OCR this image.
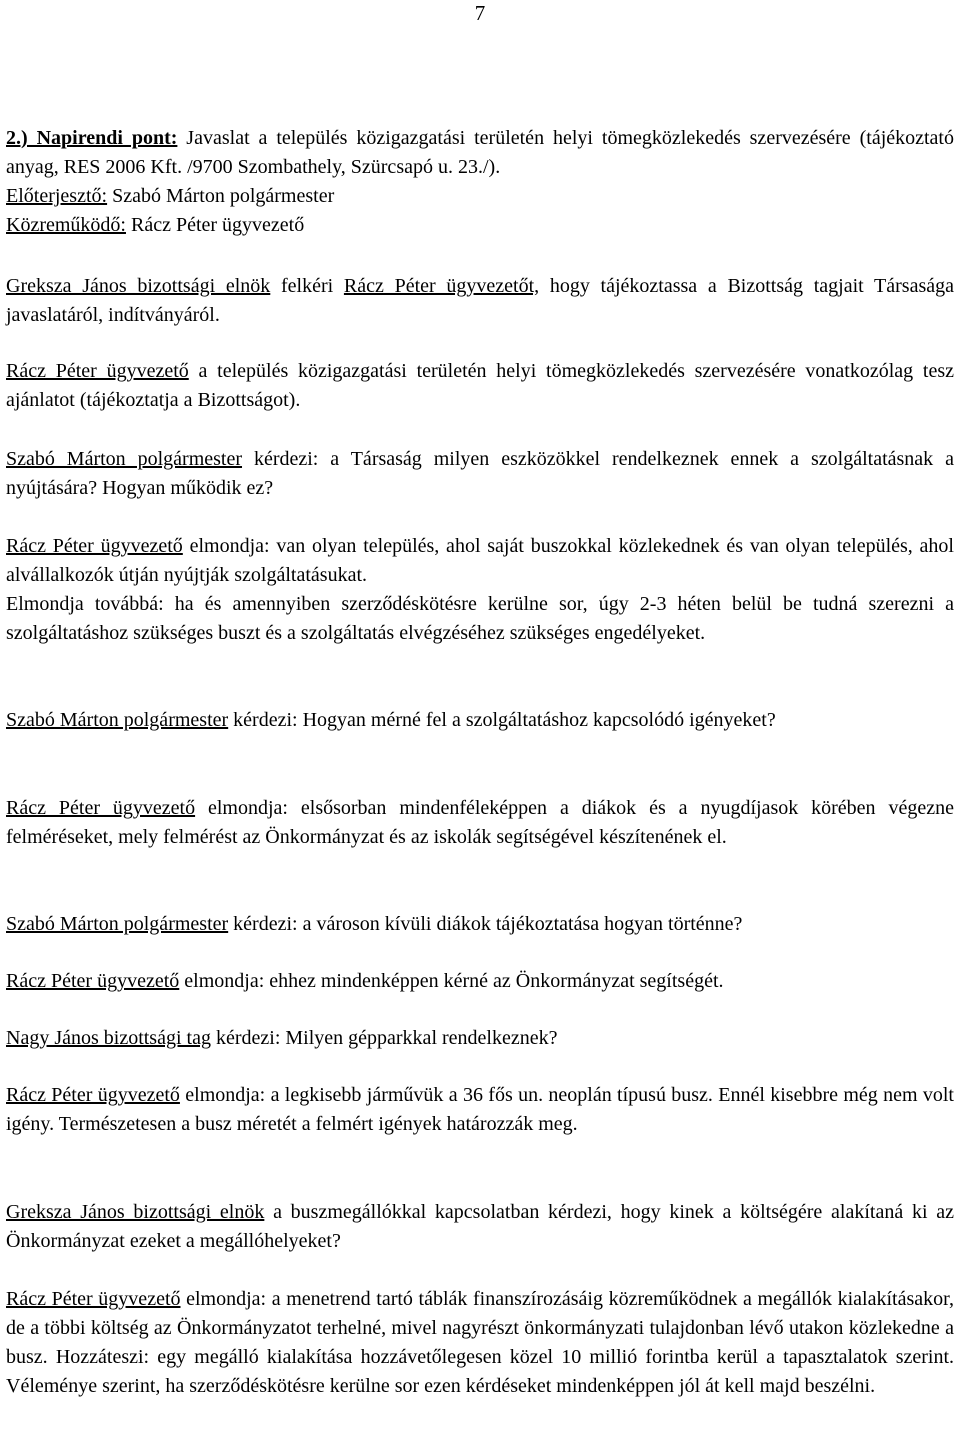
7
2.) Napirendi pont: Javaslat a település közigazgatási területén helyi tömegközlekedés szervezésére (tájékoztató anyag, RES 2006 Kft. /9700 Szombathely, Szürcsapó u. 23./).
Előterjesztő: Szabó Márton polgármester
Közreműködő: Rácz Péter ügyvezető
Greksza János bizottsági elnök felkéri Rácz Péter ügyvezetőt, hogy tájékoztassa a Bizottság tagjait Társasága javaslatáról, indítványáról.
Rácz Péter ügyvezető a település közigazgatási területén helyi tömegközlekedés szervezésére vonatkozólag tesz ajánlatot (tájékoztatja a Bizottságot).
Szabó Márton polgármester kérdezi: a Társaság milyen eszközökkel rendelkeznek ennek a szolgáltatásnak a nyújtására? Hogyan működik ez?
Rácz Péter ügyvezető elmondja: van olyan település, ahol saját buszokkal közlekednek és van olyan település, ahol alvállalkozók útján nyújtják szolgáltatásukat.
Elmondja továbbá: ha és amennyiben szerződéskötésre kerülne sor, úgy 2-3 héten belül be tudná szerezni a szolgáltatáshoz szükséges buszt és a szolgáltatás elvégzéséhez szükséges engedélyeket.
Szabó Márton polgármester kérdezi: Hogyan mérné fel a szolgáltatáshoz kapcsolódó igényeket?
Rácz Péter ügyvezető elmondja: elsősorban mindenféleképpen a diákok és a nyugdíjasok körében végezne felméréseket, mely felmérést az Önkormányzat és az iskolák segítségével készítenének el.
Szabó Márton polgármester kérdezi: a városon kívüli diákok tájékoztatása hogyan történne?
Rácz Péter ügyvezető elmondja: ehhez mindenképpen kérné az Önkormányzat segítségét.
Nagy János bizottsági tag kérdezi: Milyen gépparkkal rendelkeznek?
Rácz Péter ügyvezető elmondja: a legkisebb járművük a 36 fős un. neoplán típusú busz. Ennél kisebbre még nem volt igény. Természetesen a busz méretét a felmért igények határozzák meg.
Greksza János bizottsági elnök a buszmegállókkal kapcsolatban kérdezi, hogy kinek a költségére alakítaná ki az Önkormányzat ezeket a megállóhelyeket?
Rácz Péter ügyvezető elmondja: a menetrend tartó táblák finanszírozásáig közreműködnek a megállók kialakításakor, de a többi költség az Önkormányzatot terhelné, mivel nagyrészt önkormányzati tulajdonban lévő utakon közlekedne a busz. Hozzáteszi: egy megálló kialakítása hozzávetőlegesen közel 10 millió forintba kerül a tapasztalatok szerint. Véleménye szerint, ha szerződéskötésre kerülne sor ezen kérdéseket mindenképpen jól át kell majd beszélni.
